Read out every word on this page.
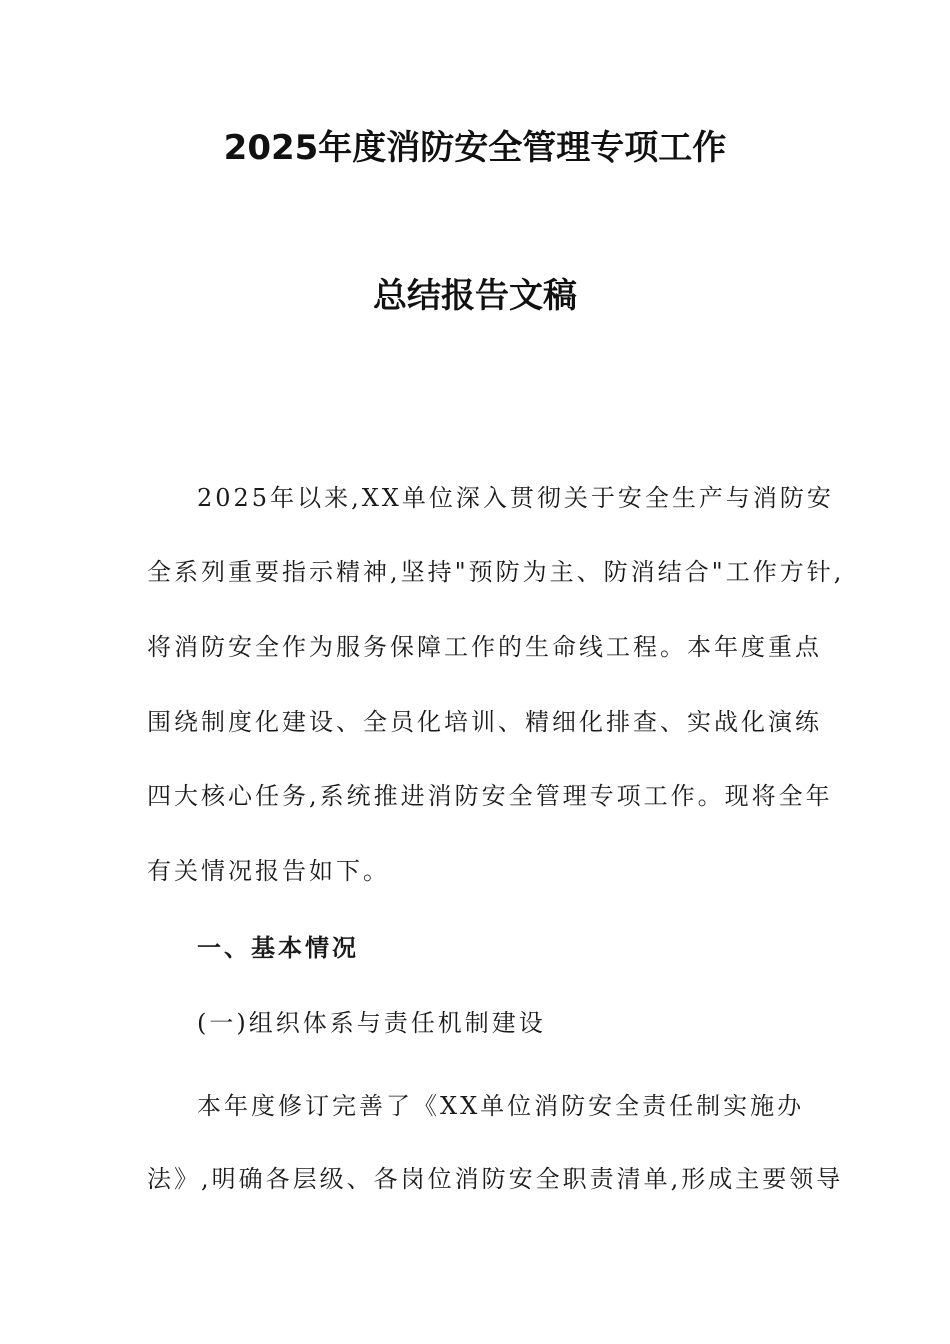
2025年度消防安全管理专项工作
总结报告文稿
2025年以来,XX单位深入贯彻关于安全生产与消防安
全系列重要指示精神,坚持"预防为主、防消结合"工作方针,
将消防安全作为服务保障工作的生命线工程。本年度重点
围绕制度化建设、全员化培训、精细化排查、实战化演练
四大核心任务,系统推进消防安全管理专项工作。现将全年
有关情况报告如下。
一、基本情况
(一)组织体系与责任机制建设
本年度修订完善了《XX单位消防安全责任制实施办
法》,明确各层级、各岗位消防安全职责清单,形成主要领导
